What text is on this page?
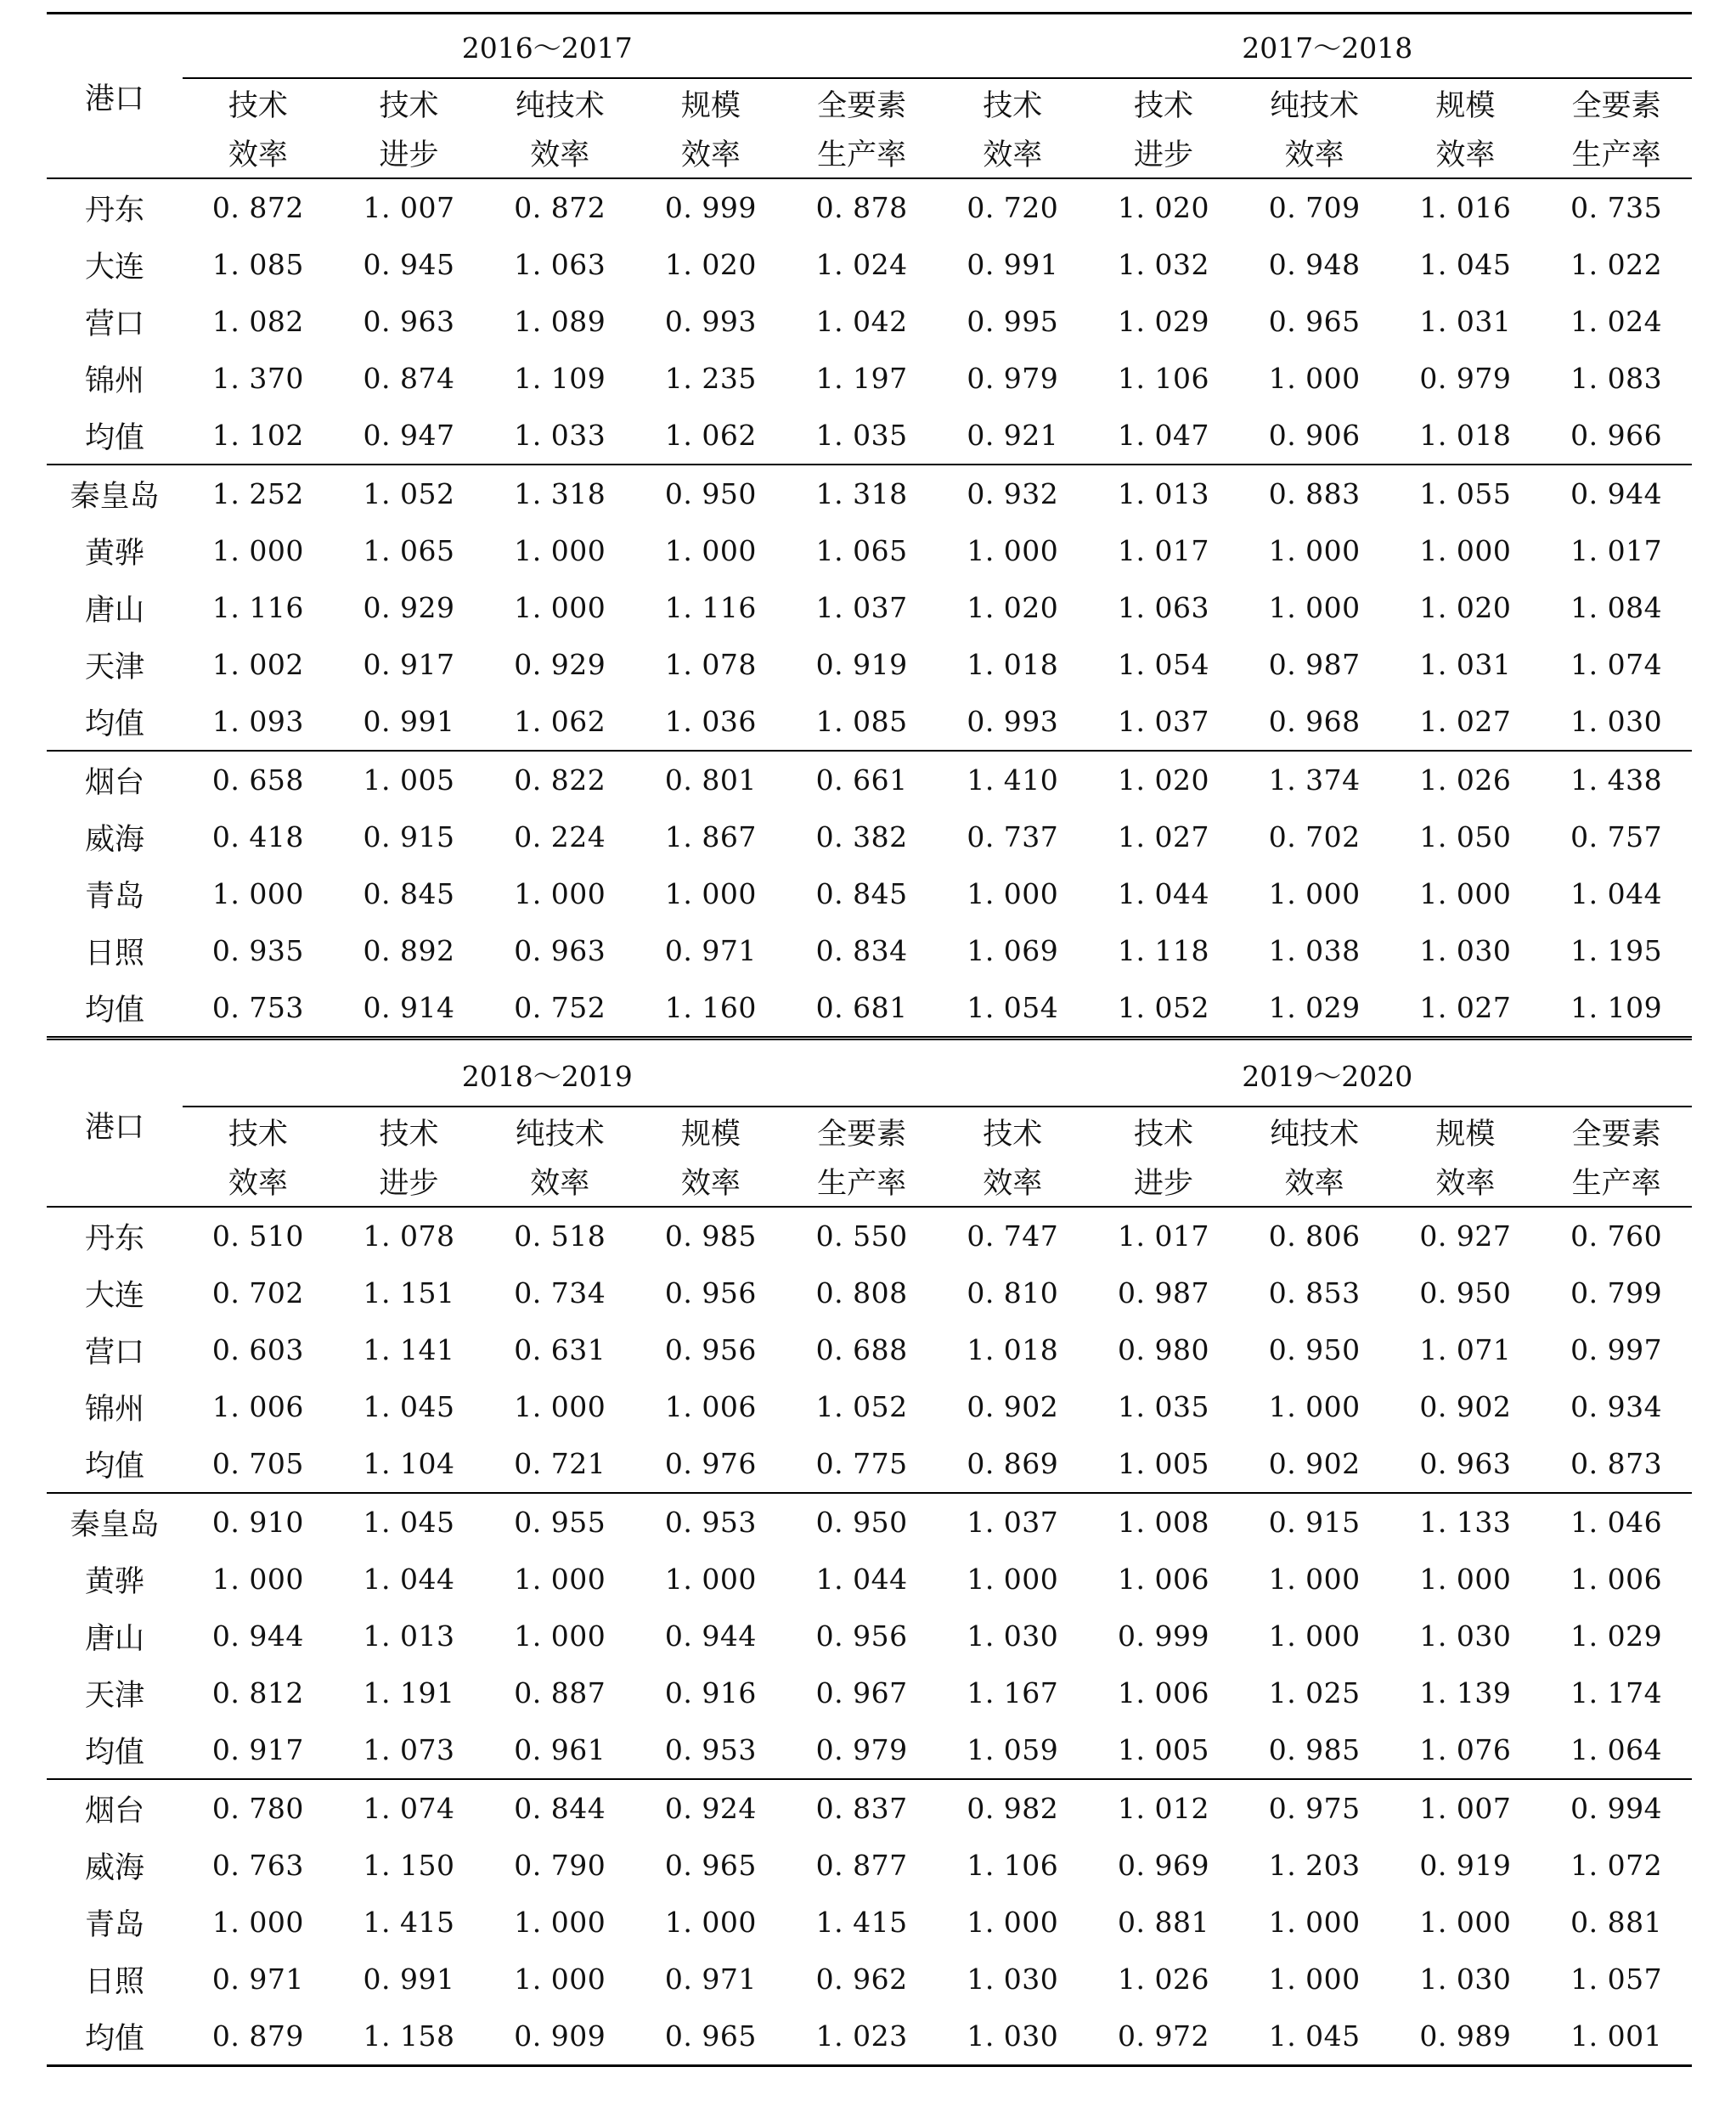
港口	2016～2017					2017～2018				
	技术	技术	纯技术	规模	全要素	技术	技术	纯技术	规模	全要素
	效率	进步	效率	效率	生产率	效率	进步	效率	效率	生产率
丹东	0. 872	1. 007	0. 872	0. 999	0. 878	0. 720	1. 020	0. 709	1. 016	0. 735
大连	1. 085	0. 945	1. 063	1. 020	1. 024	0. 991	1. 032	0. 948	1. 045	1. 022
营口	1. 082	0. 963	1. 089	0. 993	1. 042	0. 995	1. 029	0. 965	1. 031	1. 024
锦州	1. 370	0. 874	1. 109	1. 235	1. 197	0. 979	1. 106	1. 000	0. 979	1. 083
均值	1. 102	0. 947	1. 033	1. 062	1. 035	0. 921	1. 047	0. 906	1. 018	0. 966
秦皇岛	1. 252	1. 052	1. 318	0. 950	1. 318	0. 932	1. 013	0. 883	1. 055	0. 944
黄骅	1. 000	1. 065	1. 000	1. 000	1. 065	1. 000	1. 017	1. 000	1. 000	1. 017
唐山	1. 116	0. 929	1. 000	1. 116	1. 037	1. 020	1. 063	1. 000	1. 020	1. 084
天津	1. 002	0. 917	0. 929	1. 078	0. 919	1. 018	1. 054	0. 987	1. 031	1. 074
均值	1. 093	0. 991	1. 062	1. 036	1. 085	0. 993	1. 037	0. 968	1. 027	1. 030
烟台	0. 658	1. 005	0. 822	0. 801	0. 661	1. 410	1. 020	1. 374	1. 026	1. 438
威海	0. 418	0. 915	0. 224	1. 867	0. 382	0. 737	1. 027	0. 702	1. 050	0. 757
青岛	1. 000	0. 845	1. 000	1. 000	0. 845	1. 000	1. 044	1. 000	1. 000	1. 044
日照	0. 935	0. 892	0. 963	0. 971	0. 834	1. 069	1. 118	1. 038	1. 030	1. 195
均值	0. 753	0. 914	0. 752	1. 160	0. 681	1. 054	1. 052	1. 029	1. 027	1. 109
港口	2018～2019					2019～2020				
	技术	技术	纯技术	规模	全要素	技术	技术	纯技术	规模	全要素
	效率	进步	效率	效率	生产率	效率	进步	效率	效率	生产率
丹东	0. 510	1. 078	0. 518	0. 985	0. 550	0. 747	1. 017	0. 806	0. 927	0. 760
大连	0. 702	1. 151	0. 734	0. 956	0. 808	0. 810	0. 987	0. 853	0. 950	0. 799
营口	0. 603	1. 141	0. 631	0. 956	0. 688	1. 018	0. 980	0. 950	1. 071	0. 997
锦州	1. 006	1. 045	1. 000	1. 006	1. 052	0. 902	1. 035	1. 000	0. 902	0. 934
均值	0. 705	1. 104	0. 721	0. 976	0. 775	0. 869	1. 005	0. 902	0. 963	0. 873
秦皇岛	0. 910	1. 045	0. 955	0. 953	0. 950	1. 037	1. 008	0. 915	1. 133	1. 046
黄骅	1. 000	1. 044	1. 000	1. 000	1. 044	1. 000	1. 006	1. 000	1. 000	1. 006
唐山	0. 944	1. 013	1. 000	0. 944	0. 956	1. 030	0. 999	1. 000	1. 030	1. 029
天津	0. 812	1. 191	0. 887	0. 916	0. 967	1. 167	1. 006	1. 025	1. 139	1. 174
均值	0. 917	1. 073	0. 961	0. 953	0. 979	1. 059	1. 005	0. 985	1. 076	1. 064
烟台	0. 780	1. 074	0. 844	0. 924	0. 837	0. 982	1. 012	0. 975	1. 007	0. 994
威海	0. 763	1. 150	0. 790	0. 965	0. 877	1. 106	0. 969	1. 203	0. 919	1. 072
青岛	1. 000	1. 415	1. 000	1. 000	1. 415	1. 000	0. 881	1. 000	1. 000	0. 881
日照	0. 971	0. 991	1. 000	0. 971	0. 962	1. 030	1. 026	1. 000	1. 030	1. 057
均值	0. 879	1. 158	0. 909	0. 965	1. 023	1. 030	0. 972	1. 045	0. 989	1. 001
